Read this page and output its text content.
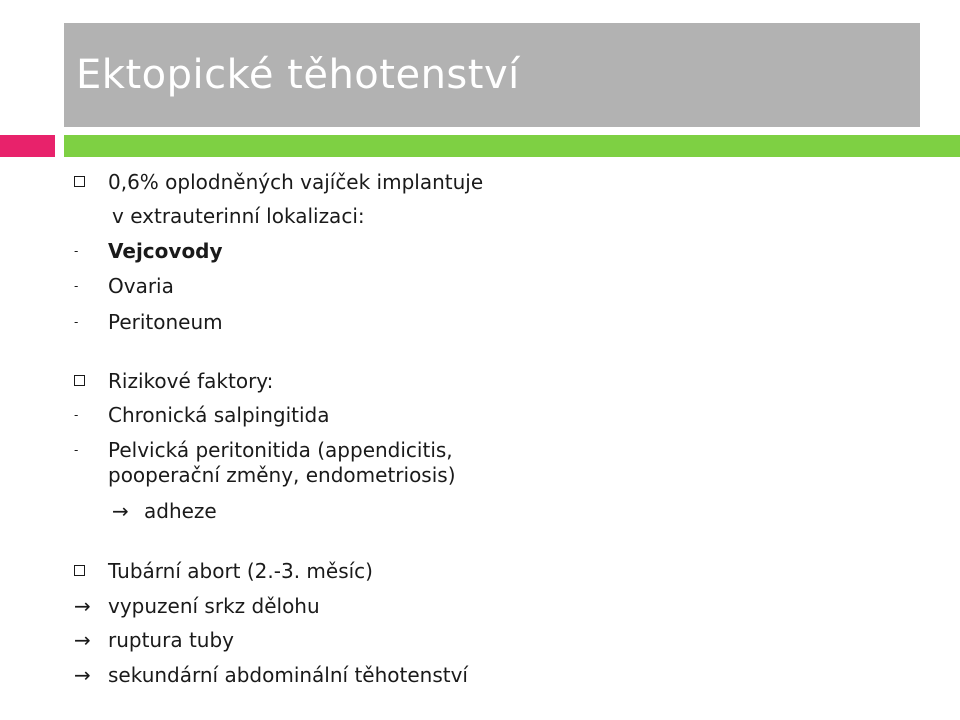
Ektopické těhotenství
0,6% oplodněných vajíček implantuje
v extrauterinní lokalizaci:
- Vejcovody
- Ovaria
- Peritoneum
Rizikové faktory:
- Chronická salpingitida
- Pelvická peritonitida (appendicitis,
pooperační změny, endometriosis)
→ adheze
Tubární abort (2.-3. měsíc)
→ vypuzení srkz dělohu
→ ruptura tuby
→ sekundární abdominální těhotenství
